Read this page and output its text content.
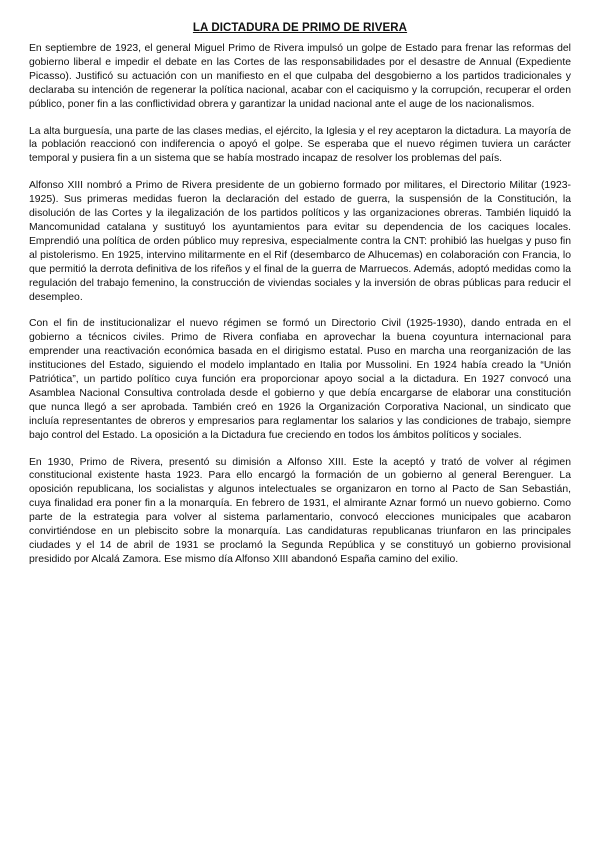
LA DICTADURA DE PRIMO DE RIVERA

En septiembre de 1923, el general Miguel Primo de Rivera impulsó un golpe de Estado para frenar las reformas del gobierno liberal e impedir el debate en las Cortes de las responsabilidades por el desastre de Annual (Expediente Picasso). Justificó su actuación con un manifiesto en el que culpaba del desgobierno a los partidos tradicionales y declaraba su intención de regenerar la política nacional, acabar con el caciquismo y la corrupción, recuperar el orden público, poner fin a las conflictividad obrera y garantizar la unidad nacional ante el auge de los nacionalismos.

La alta burguesía, una parte de las clases medias, el ejército, la Iglesia y el rey aceptaron la dictadura. La mayoría de la población reaccionó con indiferencia o apoyó el golpe. Se esperaba que el nuevo régimen tuviera un carácter temporal y pusiera fin a un sistema que se había mostrado incapaz de resolver los problemas del país.

Alfonso XIII nombró a Primo de Rivera presidente de un gobierno formado por militares, el Directorio Militar (1923-1925). Sus primeras medidas fueron la declaración del estado de guerra, la suspensión de la Constitución, la disolución de las Cortes y la ilegalización de los partidos políticos y las organizaciones obreras. También liquidó la Mancomunidad catalana y sustituyó los ayuntamientos para evitar su dependencia de los caciques locales. Emprendió una política de orden público muy represiva, especialmente contra la CNT: prohibió las huelgas y puso fin al pistolerismo. En 1925, intervino militarmente en el Rif (desembarco de Alhucemas) en colaboración con Francia, lo que permitió la derrota definitiva de los rifeños y el final de la guerra de Marruecos. Además, adoptó medidas como la regulación del trabajo femenino, la construcción de viviendas sociales y la inversión de obras públicas para reducir el desempleo.

Con el fin de institucionalizar el nuevo régimen se formó un Directorio Civil (1925-1930), dando entrada en el gobierno a técnicos civiles. Primo de Rivera confiaba en aprovechar la buena coyuntura internacional para emprender una reactivación económica basada en el dirigismo estatal. Puso en marcha una reorganización de las instituciones del Estado, siguiendo el modelo implantado en Italia por Mussolini. En 1924 había creado la “Unión Patriótica”, un partido político cuya función era proporcionar apoyo social a la dictadura. En 1927 convocó una Asamblea Nacional Consultiva controlada desde el gobierno y que debía encargarse de elaborar una constitución que nunca llegó a ser aprobada. También creó en 1926 la Organización Corporativa Nacional, un sindicato que incluía representantes de obreros y empresarios para reglamentar los salarios y las condiciones de trabajo, siempre bajo control del Estado. La oposición a la Dictadura fue creciendo en todos los ámbitos políticos y sociales.

En 1930, Primo de Rivera, presentó su dimisión a Alfonso XIII. Este la aceptó y trató de volver al régimen constitucional existente hasta 1923. Para ello encargó la formación de un gobierno al general Berenguer. La oposición republicana, los socialistas y algunos intelectuales se organizaron en torno al Pacto de San Sebastián, cuya finalidad era poner fin a la monarquía. En febrero de 1931, el almirante Aznar formó un nuevo gobierno. Como parte de la estrategia para volver al sistema parlamentario, convocó elecciones municipales que acabaron convirtiéndose en un plebiscito sobre la monarquía. Las candidaturas republicanas triunfaron en las principales ciudades y el 14 de abril de 1931 se proclamó la Segunda República y se constituyó un gobierno provisional presidido por Alcalá Zamora. Ese mismo día Alfonso XIII abandonó España camino del exilio.
